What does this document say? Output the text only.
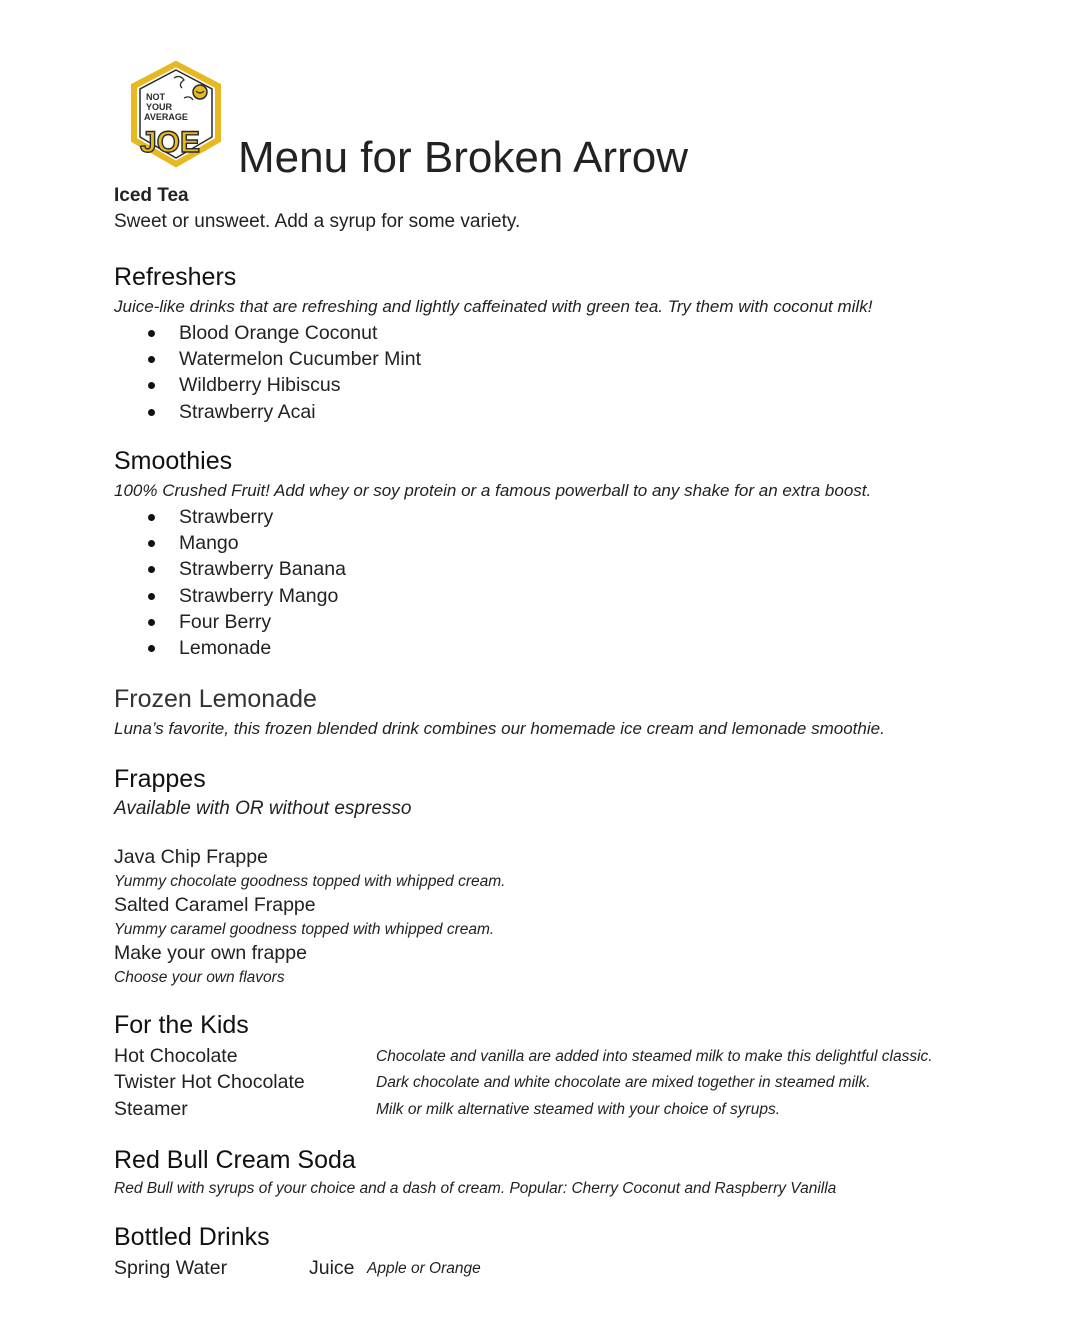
NOT
YOUR
AVERAGE
JOE Menu for Broken Arrow
Iced Tea
Sweet or unsweet. Add a syrup for some variety.
Refreshers
Juice-like drinks that are refreshing and lightly caffeinated with green tea. Try them with coconut milk!
Blood Orange Coconut
Watermelon Cucumber Mint
Wildberry Hibiscus
Strawberry Acai
Smoothies
100% Crushed Fruit! Add whey or soy protein or a famous powerball to any shake for an extra boost.
Strawberry
Mango
Strawberry Banana
Strawberry Mango
Four Berry
Lemonade
Frozen Lemonade
Luna’s favorite, this frozen blended drink combines our homemade ice cream and lemonade smoothie.
Frappes
Available with OR without espresso
Java Chip Frappe
Yummy chocolate goodness topped with whipped cream.
Salted Caramel Frappe
Yummy caramel goodness topped with whipped cream.
Make your own frappe
Choose your own flavors
For the Kids
Hot Chocolate	Chocolate and vanilla are added into steamed milk to make this delightful classic.
Twister Hot Chocolate	Dark chocolate and white chocolate are mixed together in steamed milk.
Steamer	Milk or milk alternative steamed with your choice of syrups.
Red Bull Cream Soda
Red Bull with syrups of your choice and a dash of cream. Popular: Cherry Coconut and Raspberry Vanilla
Bottled Drinks
Spring Water	Juice Apple or Orange
